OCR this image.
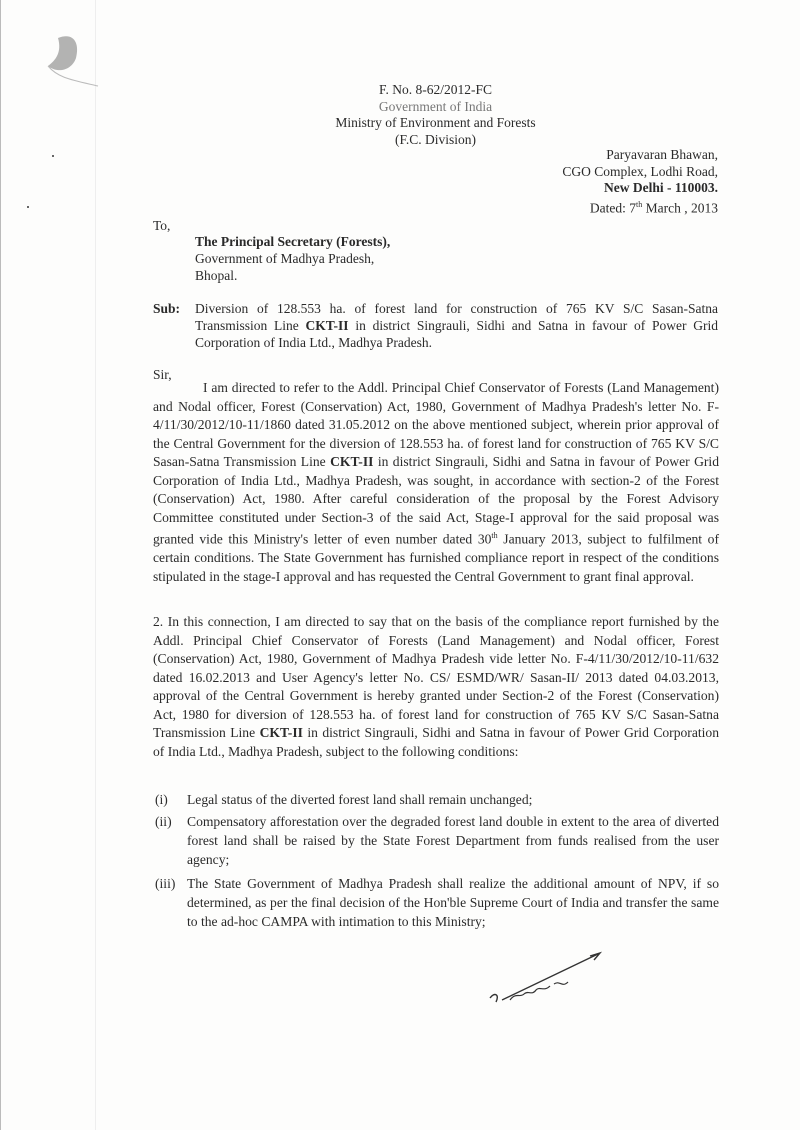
F. No. 8-62/2012-FC
Government of India
Ministry of Environment and Forests
(F.C. Division)
Paryavaran Bhawan,
CGO Complex, Lodhi Road,
New Delhi - 110003.
Dated: 7th March , 2013
To,
The Principal Secretary (Forests),
Government of Madhya Pradesh,
Bhopal.
Sub:	Diversion of 128.553 ha. of forest land for construction of 765 KV S/C Sasan-Satna Transmission Line CKT-II in district Singrauli, Sidhi and Satna in favour of Power Grid Corporation of India Ltd., Madhya Pradesh.
Sir,
I am directed to refer to the Addl. Principal Chief Conservator of Forests (Land Management) and Nodal officer, Forest (Conservation) Act, 1980, Government of Madhya Pradesh's letter No. F-4/11/30/2012/10-11/1860 dated 31.05.2012 on the above mentioned subject, wherein prior approval of the Central Government for the diversion of 128.553 ha. of forest land for construction of 765 KV S/C Sasan-Satna Transmission Line CKT-II in district Singrauli, Sidhi and Satna in favour of Power Grid Corporation of India Ltd., Madhya Pradesh, was sought, in accordance with section-2 of the Forest (Conservation) Act, 1980. After careful consideration of the proposal by the Forest Advisory Committee constituted under Section-3 of the said Act, Stage-I approval for the said proposal was granted vide this Ministry's letter of even number dated 30th January 2013, subject to fulfilment of certain conditions. The State Government has furnished compliance report in respect of the conditions stipulated in the stage-I approval and has requested the Central Government to grant final approval.
2. In this connection, I am directed to say that on the basis of the compliance report furnished by the Addl. Principal Chief Conservator of Forests (Land Management) and Nodal officer, Forest (Conservation) Act, 1980, Government of Madhya Pradesh vide letter No. F-4/11/30/2012/10-11/632 dated 16.02.2013 and User Agency's letter No. CS/ ESMD/WR/ Sasan-II/ 2013 dated 04.03.2013, approval of the Central Government is hereby granted under Section-2 of the Forest (Conservation) Act, 1980 for diversion of 128.553 ha. of forest land for construction of 765 KV S/C Sasan-Satna Transmission Line CKT-II in district Singrauli, Sidhi and Satna in favour of Power Grid Corporation of India Ltd., Madhya Pradesh, subject to the following conditions:
(i)	Legal status of the diverted forest land shall remain unchanged;
(ii)	Compensatory afforestation over the degraded forest land double in extent to the area of diverted forest land shall be raised by the State Forest Department from funds realised from the user agency;
(iii) The State Government of Madhya Pradesh shall realize the additional amount of NPV, if so determined, as per the final decision of the Hon'ble Supreme Court of India and transfer the same to the ad-hoc CAMPA with intimation to this Ministry;
